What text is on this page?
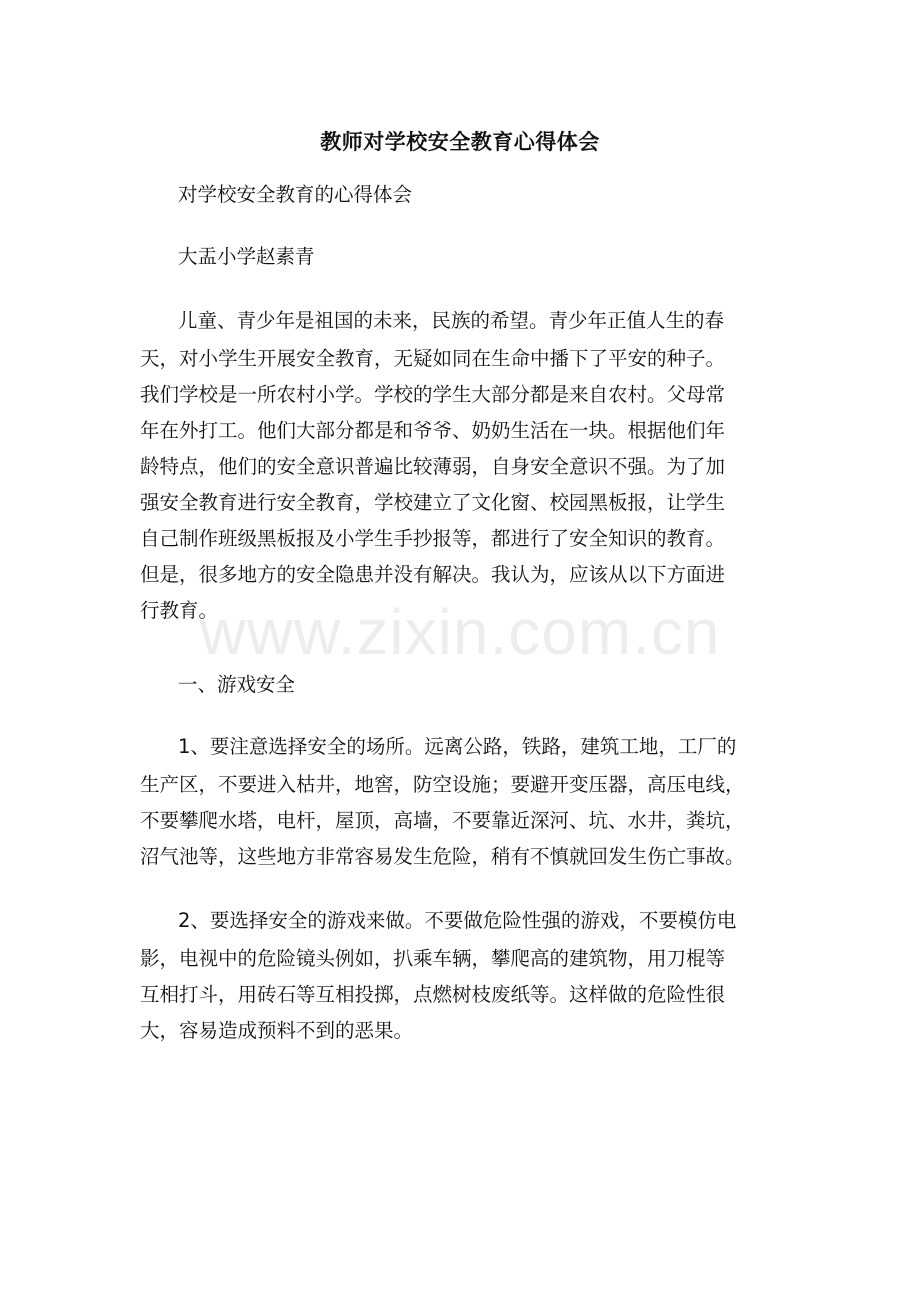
教师对学校安全教育心得体会
对学校安全教育的心得体会
大盂小学赵素青
儿童、青少年是祖国的未来，民族的希望。青少年正值人生的春
天，对小学生开展安全教育，无疑如同在生命中播下了平安的种子。
我们学校是一所农村小学。学校的学生大部分都是来自农村。父母常
年在外打工。他们大部分都是和爷爷、奶奶生活在一块。根据他们年
龄特点，他们的安全意识普遍比较薄弱，自身安全意识不强。为了加
强安全教育进行安全教育，学校建立了文化窗、校园黑板报，让学生
自己制作班级黑板报及小学生手抄报等，都进行了安全知识的教育。
但是，很多地方的安全隐患并没有解决。我认为，应该从以下方面进
行教育。
一、游戏安全
1、要注意选择安全的场所。远离公路，铁路，建筑工地，工厂的
生产区，不要进入枯井，地窖，防空设施；要避开变压器，高压电线，
不要攀爬水塔，电杆，屋顶，高墙，不要靠近深河、坑、水井，粪坑，
沼气池等，这些地方非常容易发生危险，稍有不慎就回发生伤亡事故。
2、要选择安全的游戏来做。不要做危险性强的游戏，不要模仿电
影，电视中的危险镜头例如，扒乘车辆，攀爬高的建筑物，用刀棍等
互相打斗，用砖石等互相投掷，点燃树枝废纸等。这样做的危险性很
大，容易造成预料不到的恶果。
www.zixin.com.cn
